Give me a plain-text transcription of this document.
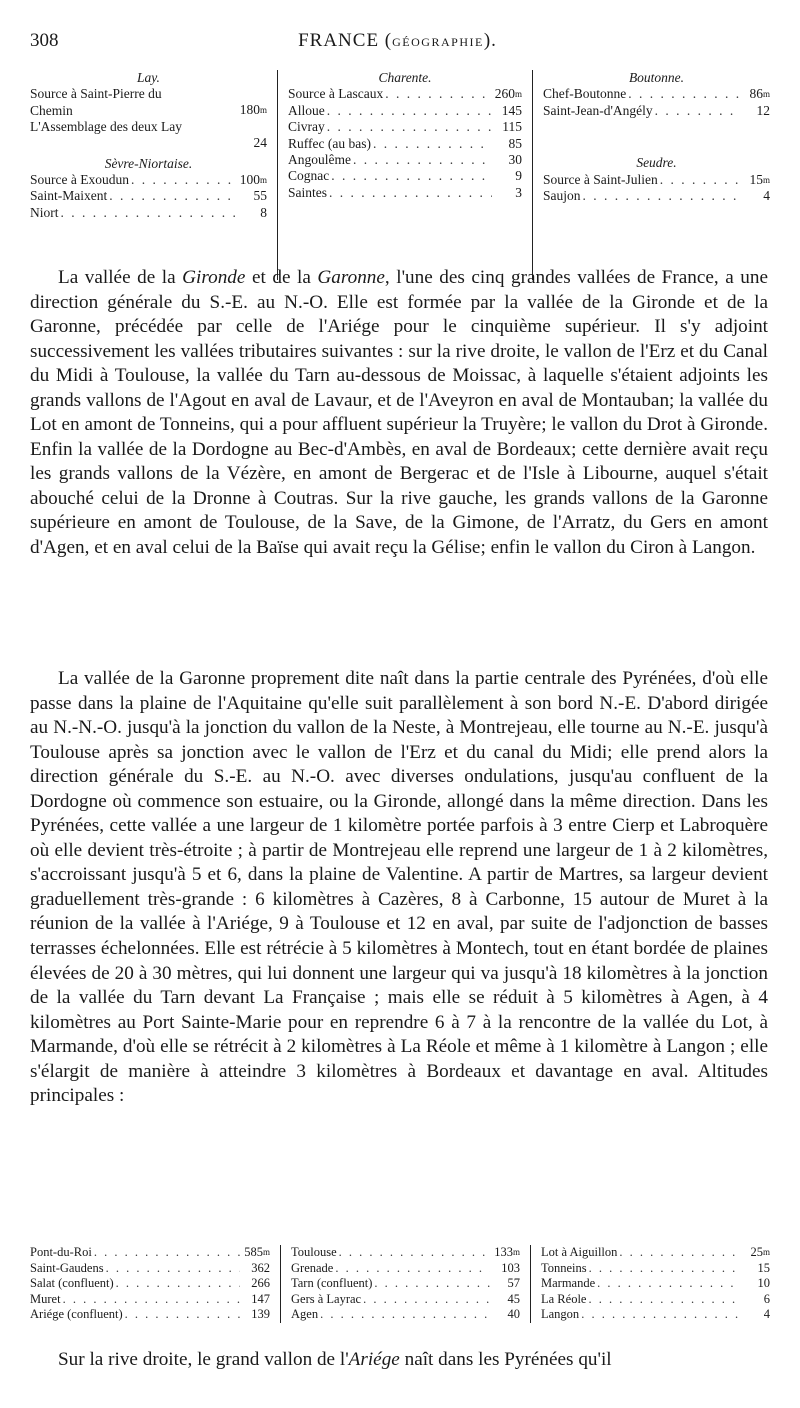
308	FRANCE (GÉOGRAPHIE).
Lay.
Source à Saint-Pierre du Chemin	180$^m$
L'Assemblage des deux Lay
24
Sèvre-Niortaise.
Source à Exoudun . . .	100$^m$
Saint-Maixent . . .	55
Niort . . .	8
Charente.
Source à Lascaux . . .	260$^m$
Alloue . . .	145
Civray . . .	115
Ruffec (au bas) . . .	85
Angoulême . . .	30
Cognac . . .	9
Saintes . . .	3
Boutonne.
Chef-Boutonne . . .	86$^m$
Saint-Jean-d'Angély . . .	12
Seudre.
Source à Saint-Julien . . .	15$^m$
Saujon . . .	4

La vallée de la Gironde et de la Garonne, l'une des cinq grandes vallées de France, a une direction générale du S.-E. au N.-O. Elle est formée par la vallée de la Gironde et de la Garonne, précédée par celle de l'Ariége pour le cinquième supérieur. Il s'y adjoint successivement les vallées tributaires suivantes : sur la rive droite, le vallon de l'Erz et du Canal du Midi à Toulouse, la vallée du Tarn au-dessous de Moissac, à laquelle s'étaient adjoints les grands vallons de l'Agout en aval de Lavaur, et de l'Aveyron en aval de Montauban; la vallée du Lot en amont de Tonneins, qui a pour affluent supérieur la Truyère; le vallon du Drot à Gironde. Enfin la vallée de la Dordogne au Bec-d'Ambès, en aval de Bordeaux; cette dernière avait reçu les grands vallons de la Vézère, en amont de Bergerac et de l'Isle à Libourne, auquel s'était abouché celui de la Dronne à Coutras. Sur la rive gauche, les grands vallons de la Garonne supérieure en amont de Toulouse, de la Save, de la Gimone, de l'Arratz, du Gers en amont d'Agen, et en aval celui de la Baïse qui avait reçu la Gélise; enfin le vallon du Ciron à Langon.

La vallée de la Garonne proprement dite naît dans la partie centrale des Pyrénées, d'où elle passe dans la plaine de l'Aquitaine qu'elle suit parallèlement à son bord N.-E. D'abord dirigée au N.-N.-O. jusqu'à la jonction du vallon de la Neste, à Montrejeau, elle tourne au N.-E. jusqu'à Toulouse après sa jonction avec le vallon de l'Erz et du canal du Midi; elle prend alors la direction générale du S.-E. au N.-O. avec diverses ondulations, jusqu'au confluent de la Dordogne où commence son estuaire, ou la Gironde, allongé dans la même direction. Dans les Pyrénées, cette vallée a une largeur de 1 kilomètre portée parfois à 3 entre Cierp et Labroquère où elle devient très-étroite ; à partir de Montrejeau elle reprend une largeur de 1 à 2 kilomètres, s'accroissant jusqu'à 5 et 6, dans la plaine de Valentine. A partir de Martres, sa largeur devient graduellement très-grande : 6 kilomètres à Cazères, 8 à Carbonne, 15 autour de Muret à la réunion de la vallée à l'Ariége, 9 à Toulouse et 12 en aval, par suite de l'adjonction de basses terrasses échelonnées. Elle est rétrécie à 5 kilomètres à Montech, tout en étant bordée de plaines élevées de 20 à 30 mètres, qui lui donnent une largeur qui va jusqu'à 18 kilomètres à la jonction de la vallée du Tarn devant La Française ; mais elle se réduit à 5 kilomètres à Agen, à 4 kilomètres au Port Sainte-Marie pour en reprendre 6 à 7 à la rencontre de la vallée du Lot, à Marmande, d'où elle se rétrécit à 2 kilomètres à La Réole et même à 1 kilomètre à Langon ; elle s'élargit de manière à atteindre 3 kilomètres à Bordeaux et davantage en aval. Altitudes principales :

Pont-du-Roi . . .	585$^m$
Saint-Gaudens . . .	362
Salat (confluent) . . .	266
Muret . . .	147
Ariége (confluent) . . .	139
Toulouse . . .	133$^m$
Grenade . . .	103
Tarn (confluent) . . .	57
Gers à Layrac . . .	45
Agen . . .	40
Lot à Aiguillon . . .	25$^m$
Tonneins . . .	15
Marmande . . .	10
La Réole . . .	6
Langon . . .	4

Sur la rive droite, le grand vallon de l'Ariége naît dans les Pyrénées qu'il
